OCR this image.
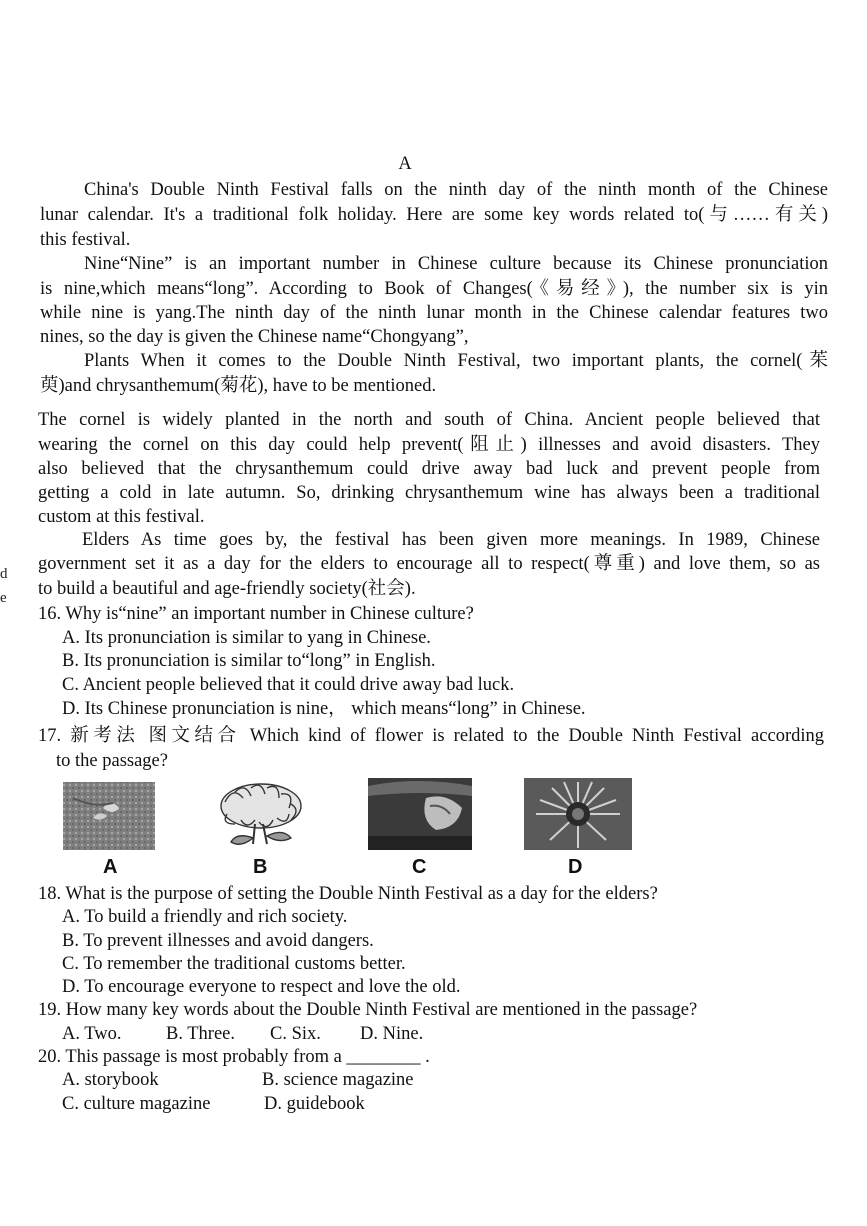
A
China's Double Ninth Festival falls on the ninth day of the ninth month of the Chinese
lunar calendar. It's a traditional folk holiday. Here are some key words related to(与……有关)
this festival.
Nine“Nine” is an important number in Chinese culture because its Chinese pronunciation
is nine,which means“long”. According to Book of Changes(《易经》), the number six is yin
while nine is yang.The ninth day of the ninth lunar month in the Chinese calendar features two
nines, so the day is given the Chinese name“Chongyang”,
Plants When it comes to the Double Ninth Festival, two important plants, the cornel(茱
萸)and chrysanthemum(菊花), have to be mentioned.
The cornel is widely planted in the north and south of China. Ancient people believed that
wearing the cornel on this day could help prevent(阻止) illnesses and avoid disasters. They
also believed that the chrysanthemum could drive away bad luck and prevent people from
getting a cold in late autumn. So, drinking chrysanthemum wine has always been a traditional
custom at this festival.
Elders As time goes by, the festival has been given more meanings. In 1989, Chinese
government set it as a day for the elders to encourage all to respect(尊重) and love them, so as
to build a beautiful and age-friendly society(社会).
d
e
16. Why is“nine” an important number in Chinese culture?
A. Its pronunciation is similar to yang in Chinese.
B. Its pronunciation is similar to“long” in English.
C. Ancient people believed that it could drive away bad luck.
D. Its Chinese pronunciation is nine， which means“long” in Chinese.
17. 新考法 图文结合 Which kind of flower is related to the Double Ninth Festival according
to the passage?
A	B	C	D
18. What is the purpose of setting the Double Ninth Festival as a day for the elders?
A. To build a friendly and rich society.
B. To prevent illnesses and avoid dangers.
C. To remember the traditional customs better.
D. To encourage everyone to respect and love the old.
19. How many key words about the Double Ninth Festival are mentioned in the passage?
A. Two. B. Three. C. Six. D. Nine.
20. This passage is most probably from a ________ .
A. storybook	B. science magazine
C. culture magazine	D. guidebook
